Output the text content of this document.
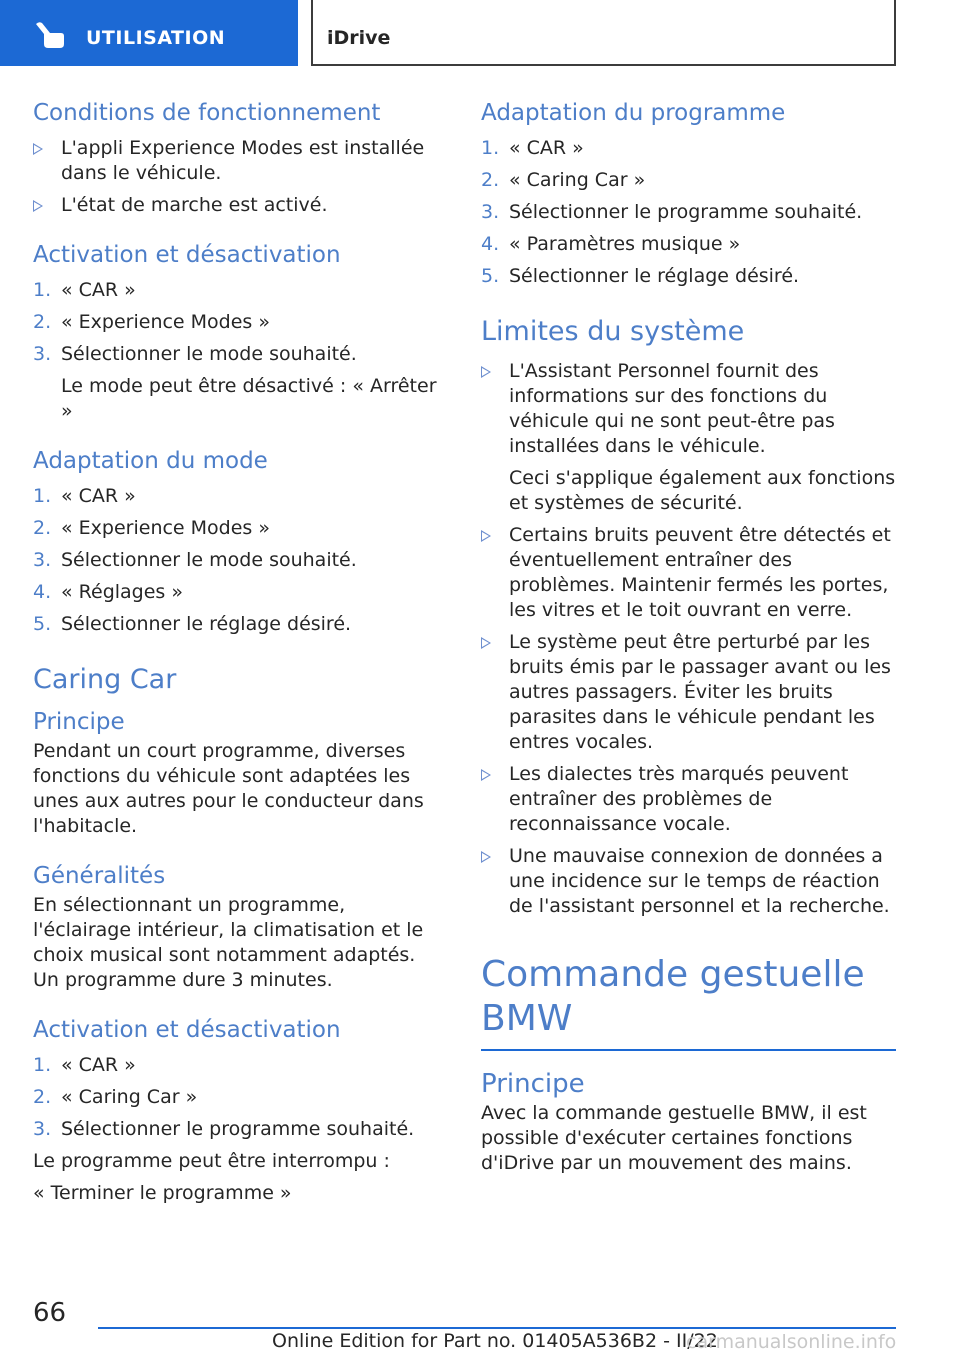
UTILISATION	iDrive
Conditions de fonctionnement
L'appli Experience Modes est installée dans le véhicule.
L'état de marche est activé.
Activation et désactivation
1. « CAR »
2. « Experience Modes »
3. Sélectionner le mode souhaité.

Le mode peut être désactivé : « Arrêter »

Adaptation du mode
1. « CAR »
2. « Experience Modes »
3. Sélectionner le mode souhaité.
4. « Réglages »
5. Sélectionner le réglage désiré.
Caring Car
Principe

Pendant un court programme, diverses fonctions du véhicule sont adaptées les unes aux autres pour le conducteur dans l'habitacle.

Généralités

En sélectionnant un programme, l'éclairage intérieur, la climatisation et le choix musical sont notamment adaptés. Un programme dure 3 minutes.

Activation et désactivation
1. « CAR »
2. « Caring Car »
3. Sélectionner le programme souhaité.

Le programme peut être interrompu :

« Terminer le programme »

Adaptation du programme
1. « CAR »
2. « Caring Car »
3. Sélectionner le programme souhaité.
4. « Paramètres musique »
5. Sélectionner le réglage désiré.
Limites du système
L'Assistant Personnel fournit des informations sur des fonctions du véhicule qui ne sont peut-être pas installées dans le véhicule.

Ceci s'applique également aux fonctions et systèmes de sécurité.

Certains bruits peuvent être détectés et éventuellement entraîner des problèmes. Maintenir fermés les portes, les vitres et le toit ouvrant en verre.
Le système peut être perturbé par les bruits émis par le passager avant ou les autres passagers. Éviter les bruits parasites dans le véhicule pendant les entres vocales.
Les dialectes très marqués peuvent entraîner des problèmes de reconnaissance vocale.
Une mauvaise connexion de données a une incidence sur le temps de réaction de l'assistant personnel et la recherche.
Commande gestuelle BMW
Principe

Avec la commande gestuelle BMW, il est possible d'exécuter certaines fonctions d'iDrive par un mouvement des mains.

66
Online Edition for Part no. 01405A536B2 - II/22
carmanualsonline.info
